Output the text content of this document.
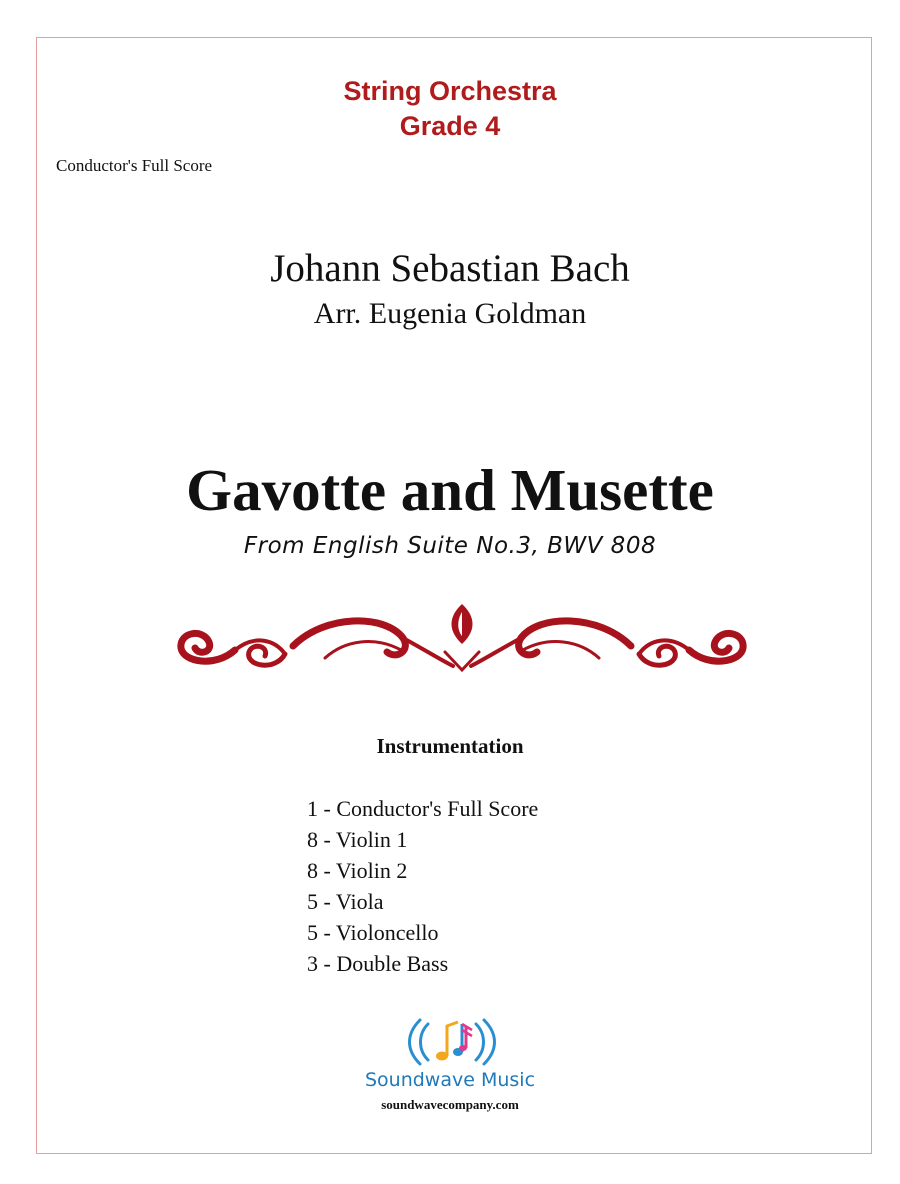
String Orchestra
Grade 4
Conductor's Full Score
Johann Sebastian Bach
Arr. Eugenia Goldman
Gavotte and Musette
From English Suite No.3, BWV 808
Instrumentation
1 - Conductor's Full Score
8 - Violin 1
8 - Violin 2
5 - Viola
5 - Violoncello
3 - Double Bass
Soundwave Music
soundwavecompany.com
